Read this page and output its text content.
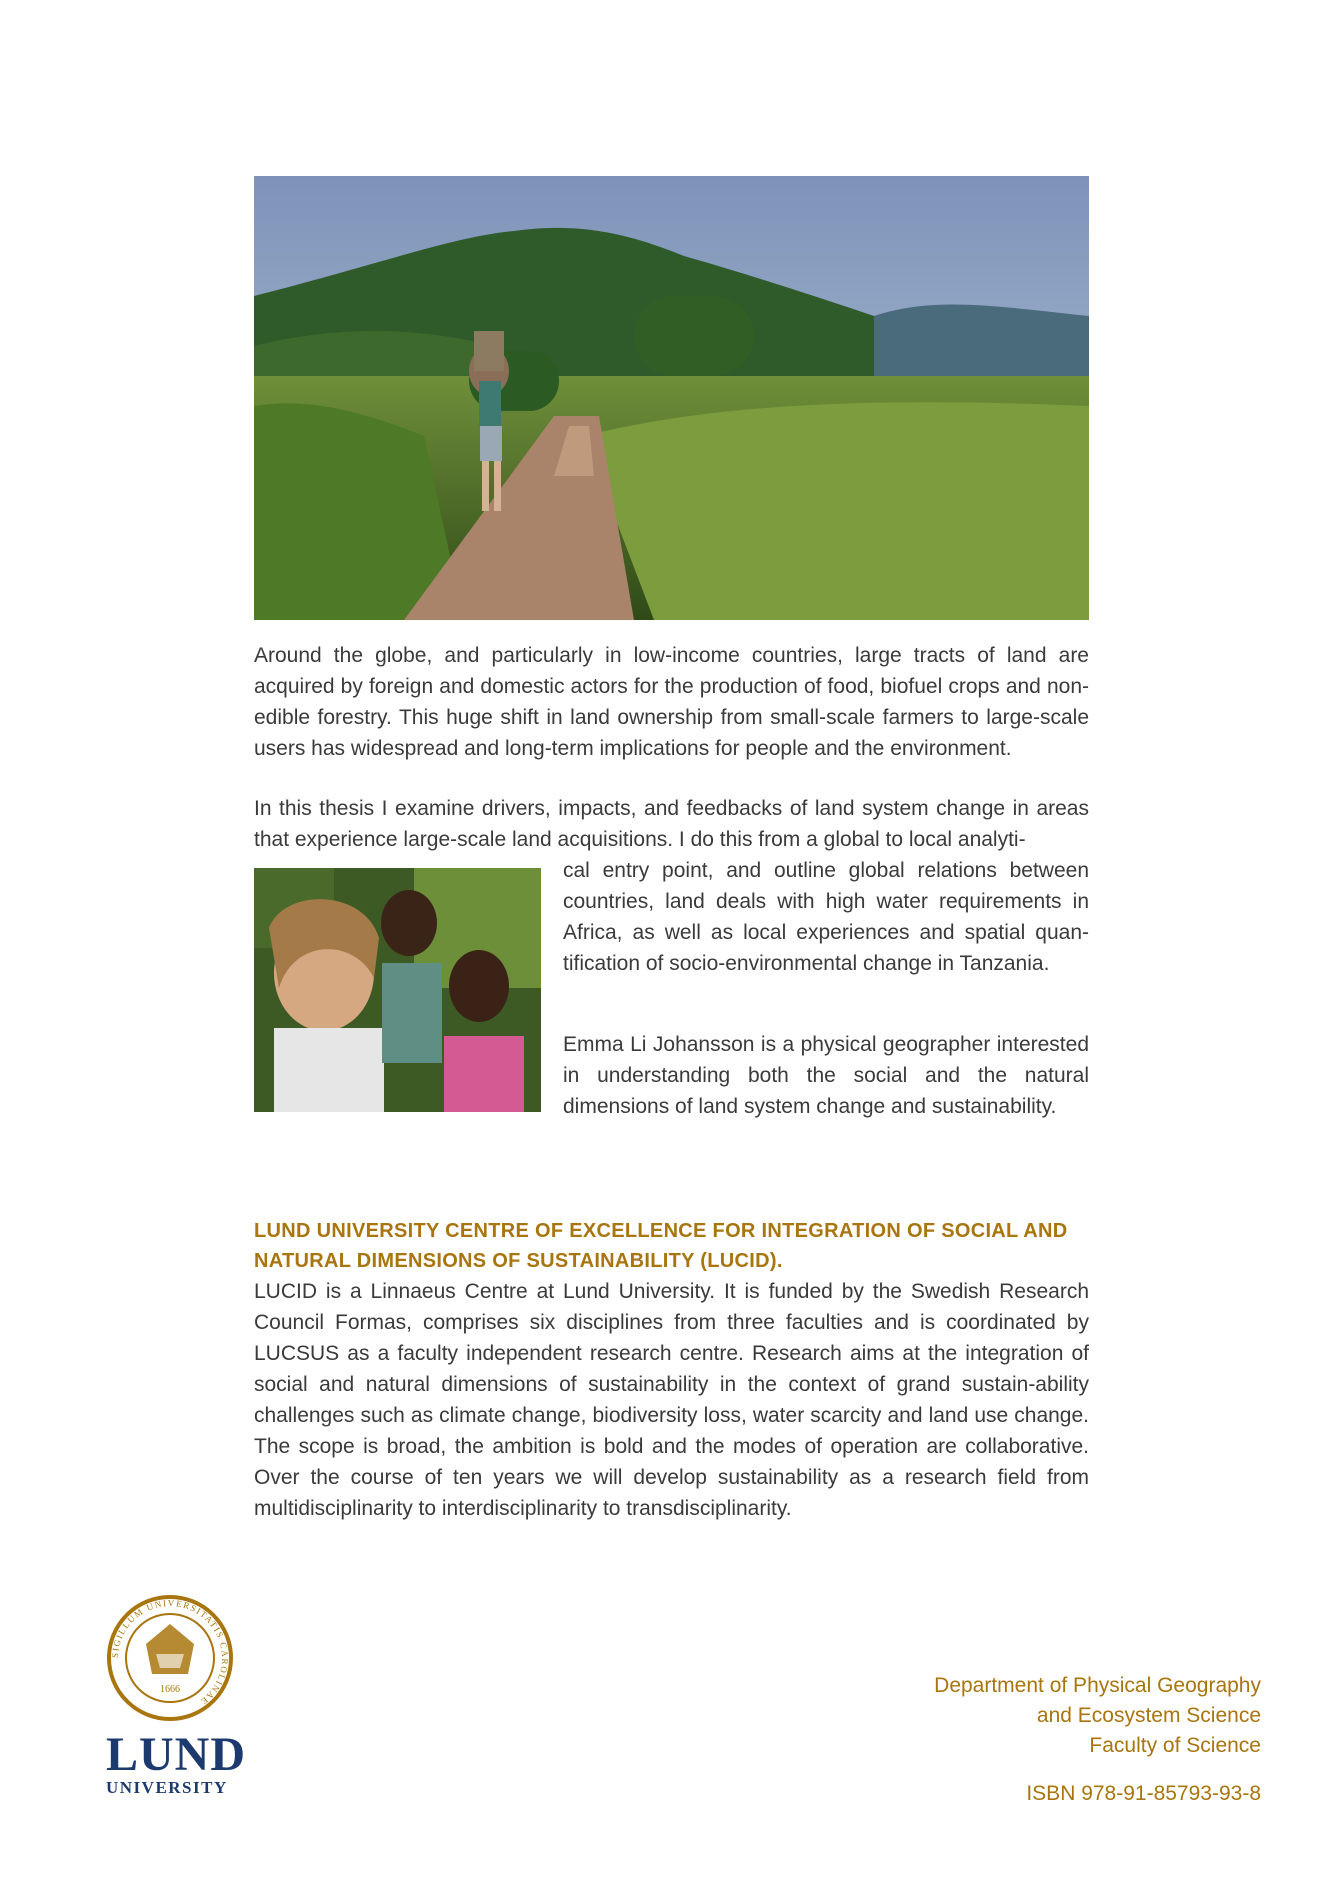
Around the globe, and particularly in low-income countries, large tracts of land are acquired by foreign and domestic actors for the production of food, biofuel crops and non-edible forestry. This huge shift in land ownership from small-scale farmers to large-scale users has widespread and long-term implications for people and the environment.

In this thesis I examine drivers, impacts, and feedbacks of land system change in areas that experience large-scale land acquisitions. I do this from a global to local analyti-

cal entry point, and outline global relations between countries, land deals with high water requirements in Africa, as well as local experiences and spatial quan-tification of socio-environmental change in Tanzania.

Emma Li Johansson is a physical geographer interested in understanding both the social and the natural dimensions of land system change and sustainability.

LUND UNIVERSITY CENTRE OF EXCELLENCE FOR INTEGRATION OF SOCIAL AND NATURAL DIMENSIONS OF SUSTAINABILITY (LUCID).

LUCID is a Linnaeus Centre at Lund University. It is funded by the Swedish Research Council Formas, comprises six disciplines from three faculties and is coordinated by LUCSUS as a faculty independent research centre. Research aims at the integration of social and natural dimensions of sustainability in the context of grand sustain-ability challenges such as climate change, biodiversity loss, water scarcity and land use change. The scope is broad, the ambition is bold and the modes of operation are collaborative. Over the course of ten years we will develop sustainability as a research field from multidisciplinarity to interdisciplinarity to transdisciplinarity.

SIGILLUM UNIVERSITATIS CAROLINAE
1666
LUND
UNIVERSITY
Department of Physical Geography
and Ecosystem Science
Faculty of Science
ISBN 978-91-85793-93-8
